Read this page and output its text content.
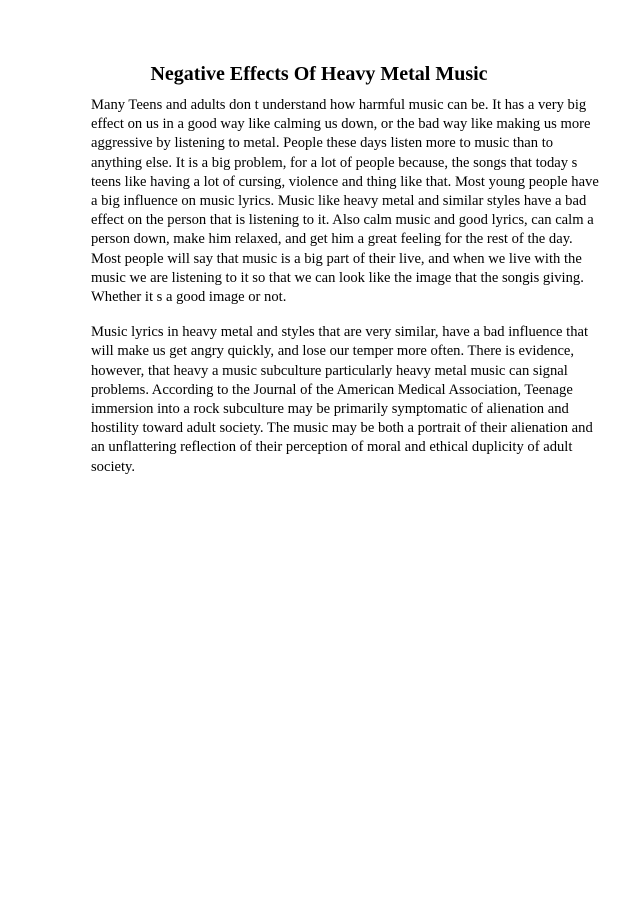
Negative Effects Of Heavy Metal Music

Many Teens and adults don t understand how harmful music can be. It has a very big effect on us in a good way like calming us down, or the bad way like making us more aggressive by listening to metal. People these days listen more to music than to anything else. It is a big problem, for a lot of people because, the songs that today s teens like having a lot of cursing, violence and thing like that. Most young people have a big influence on music lyrics. Music like heavy metal and similar styles have a bad effect on the person that is listening to it. Also calm music and good lyrics, can calm a person down, make him relaxed, and get him a great feeling for the rest of the day. Most people will say that music is a big part of their live, and when we live with the music we are listening to it so that we can look like the image that the songis giving. Whether it s a good image or not.

Music lyrics in heavy metal and styles that are very similar, have a bad influence that will make us get angry quickly, and lose our temper more often. There is evidence, however, that heavy a music subculture particularly heavy metal music can signal problems. According to the Journal of the American Medical Association, Teenage immersion into a rock subculture may be primarily symptomatic of alienation and hostility toward adult society. The music may be both a portrait of their alienation and an unflattering reflection of their perception of moral and ethical duplicity of adult society.
